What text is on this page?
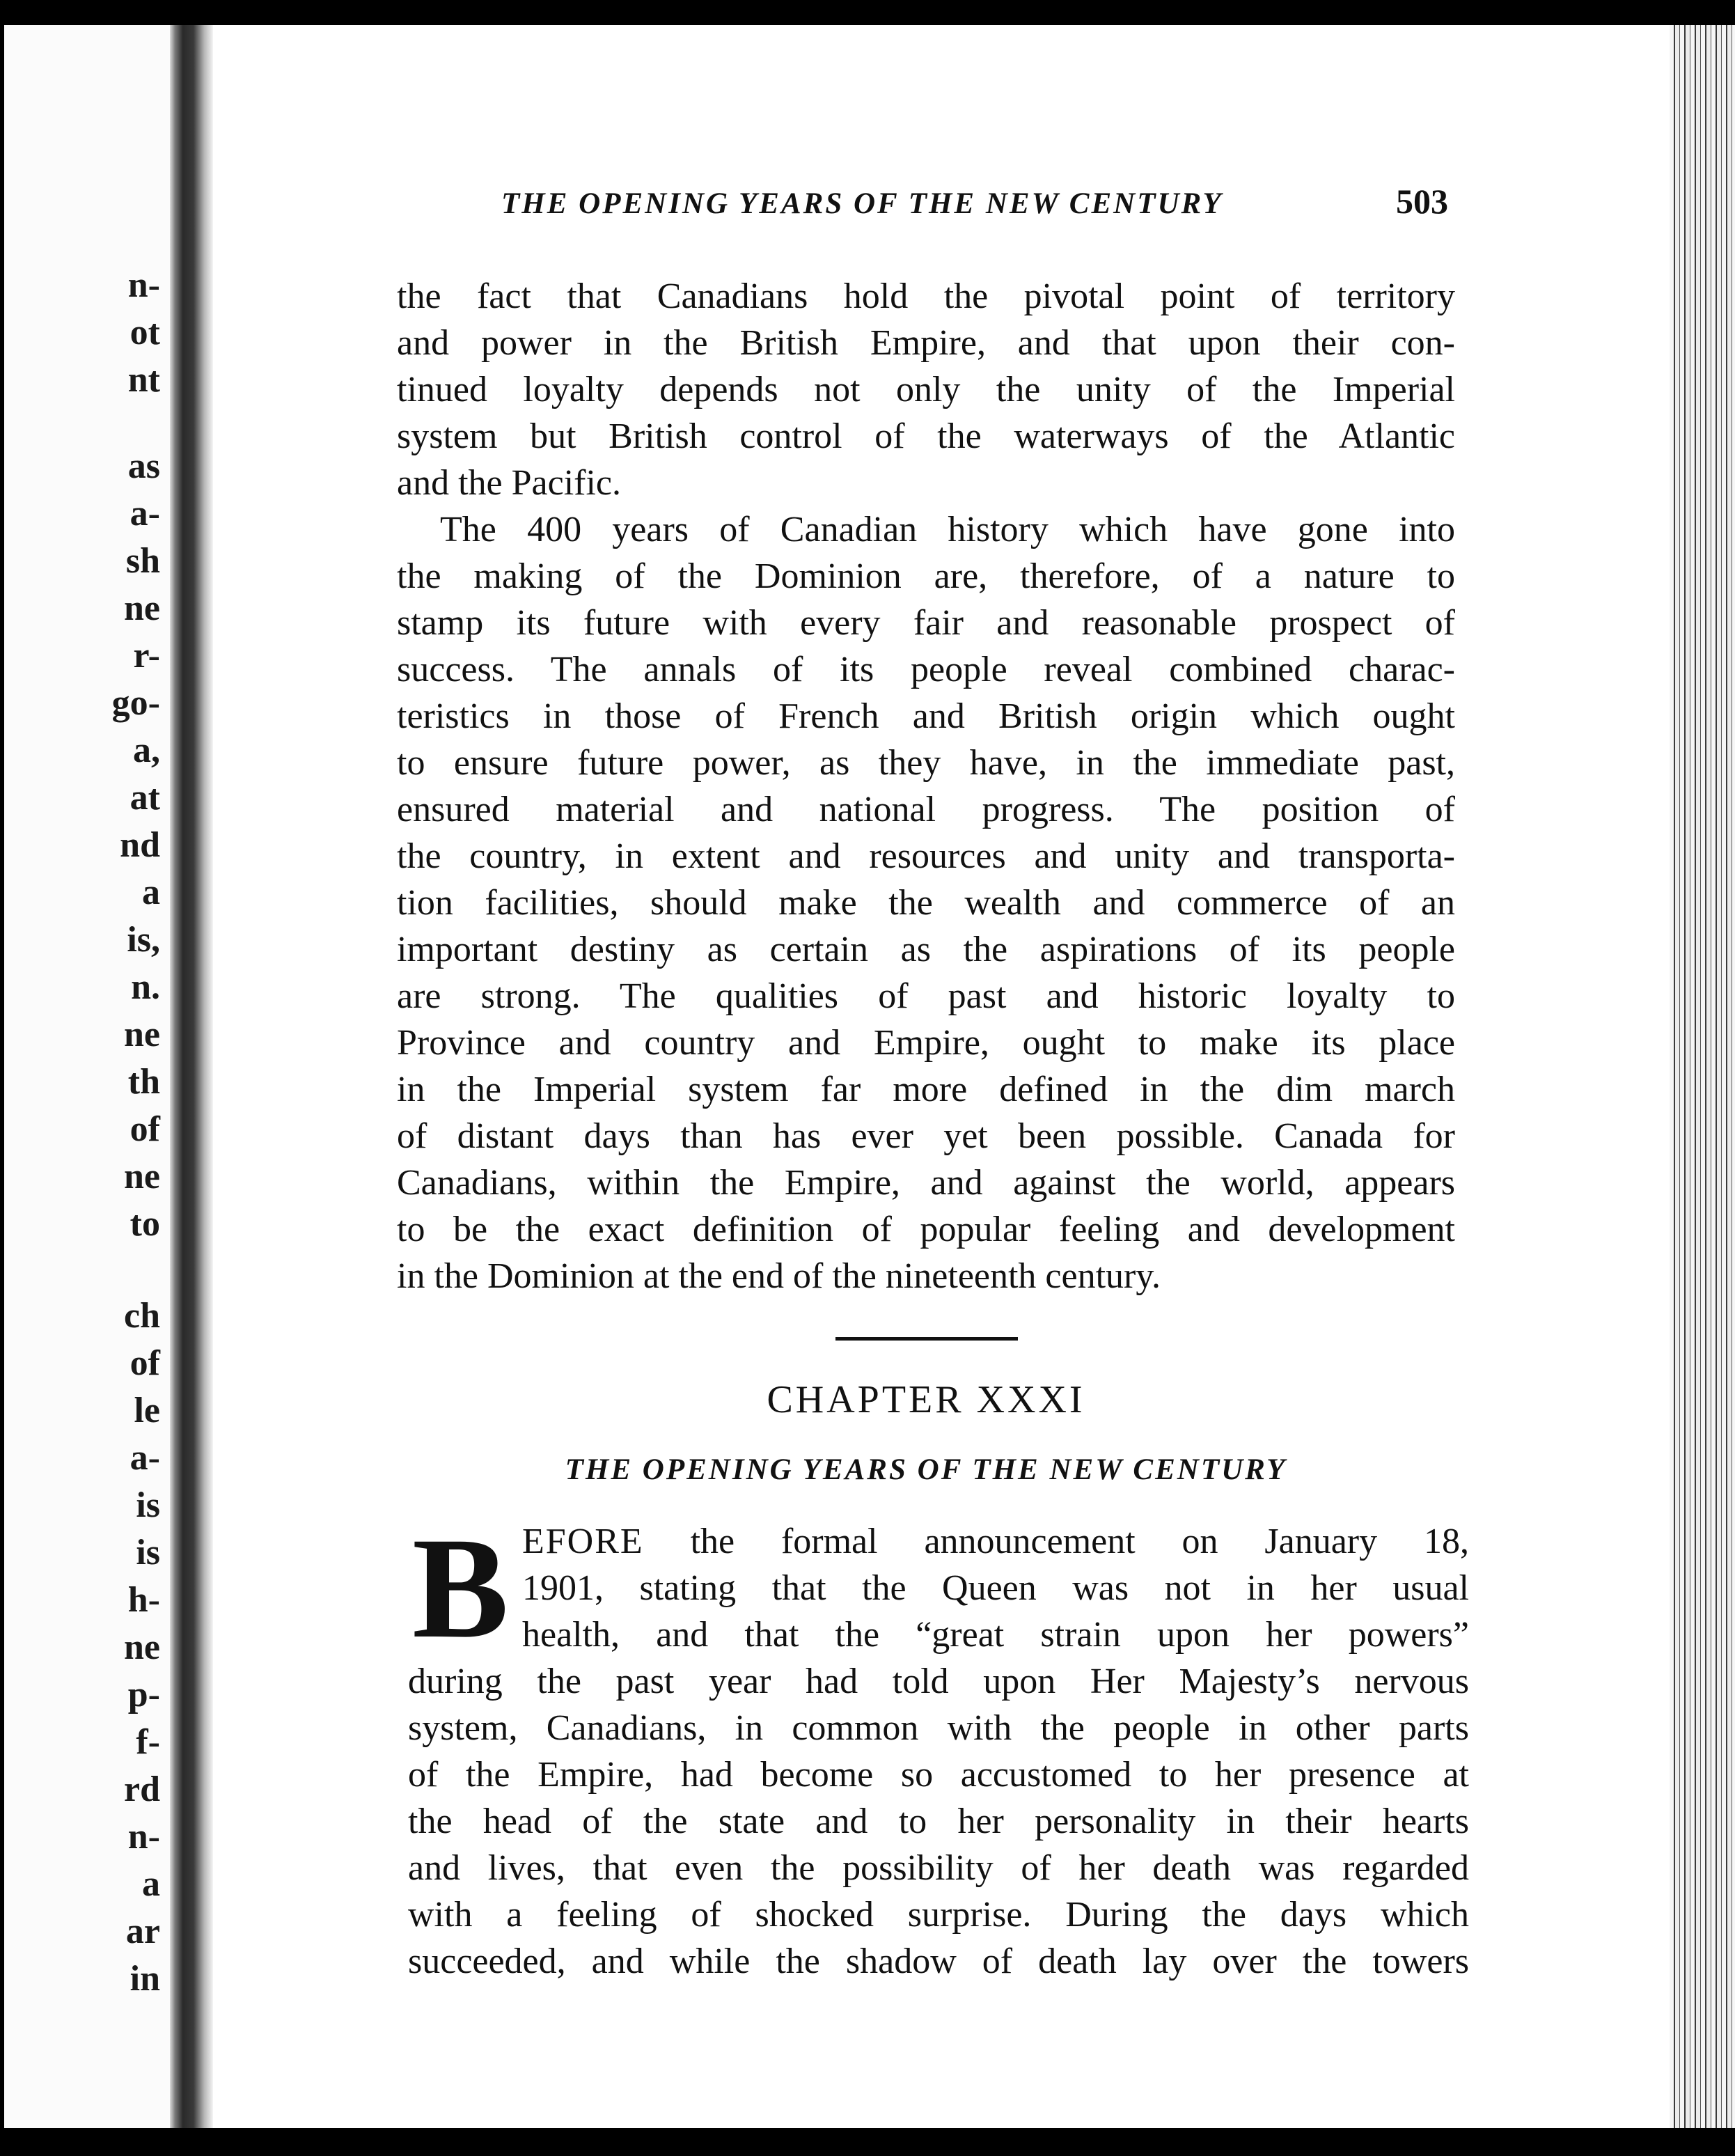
n-
ot
nt
as
a-
sh
ne
r-
go-
a,
at
nd
a
is,
n.
ne
th
of
ne
to
ch
of
le
a-
is
is
h-
ne
p-
f-
rd
n-
a
ar
in
THE OPENING YEARS OF THE NEW CENTURY	503
the fact that Canadians hold the pivotal point of territory
and power in the British Empire, and that upon their con-
tinued loyalty depends not only the unity of the Imperial
system but British control of the waterways of the Atlantic
and the Pacific.
The 400 years of Canadian history which have gone into
the making of the Dominion are, therefore, of a nature to
stamp its future with every fair and reasonable prospect of
success. The annals of its people reveal combined charac-
teristics in those of French and British origin which ought
to ensure future power, as they have, in the immediate past,
ensured material and national progress. The position of
the country, in extent and resources and unity and transporta-
tion facilities, should make the wealth and commerce of an
important destiny as certain as the aspirations of its people
are strong. The qualities of past and historic loyalty to
Province and country and Empire, ought to make its place
in the Imperial system far more defined in the dim march
of distant days than has ever yet been possible. Canada for
Canadians, within the Empire, and against the world, appears
to be the exact definition of popular feeling and development
in the Dominion at the end of the nineteenth century.
CHAPTER XXXI
THE OPENING YEARS OF THE NEW CENTURY
B EFORE the formal announcement on January 18,
1901, stating that the Queen was not in her usual
health, and that the “great strain upon her powers”
during the past year had told upon Her Majesty’s nervous
system, Canadians, in common with the people in other parts
of the Empire, had become so accustomed to her presence at
the head of the state and to her personality in their hearts
and lives, that even the possibility of her death was regarded
with a feeling of shocked surprise. During the days which
succeeded, and while the shadow of death lay over the towers
